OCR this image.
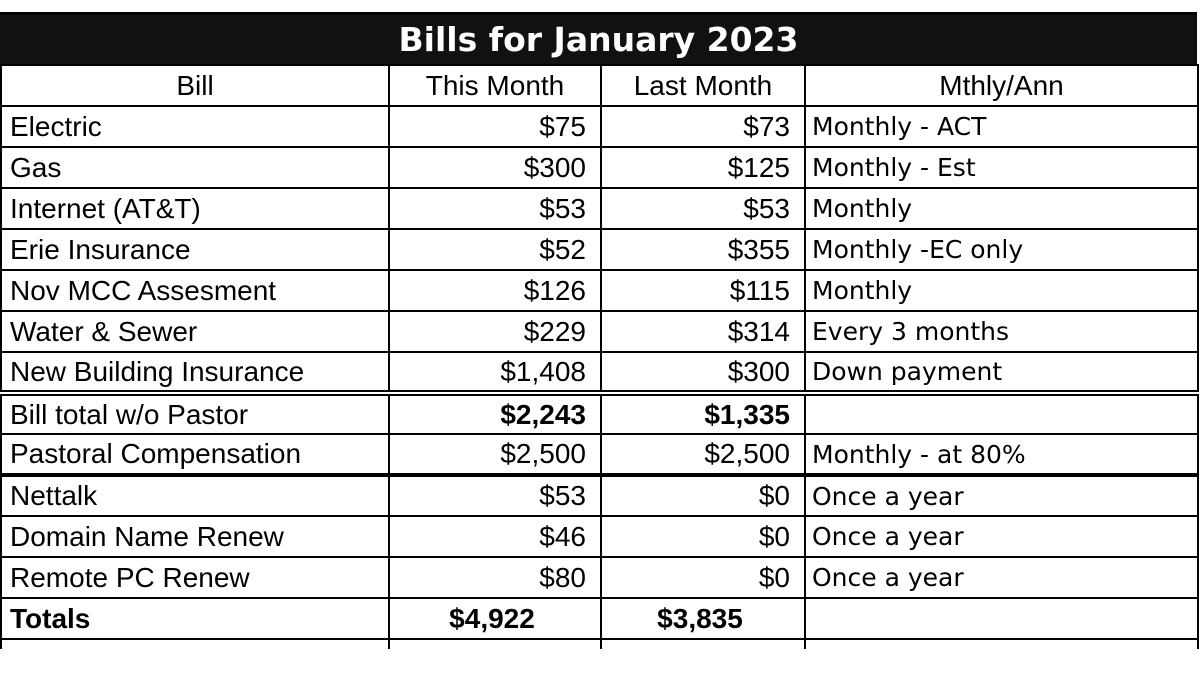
Bills for January 2023
Bill	This Month	Last Month	Mthly/Ann
Electric	$75	$73	Monthly - ACT
Gas	$300	$125	Monthly - Est
Internet (AT&T)	$53	$53	Monthly
Erie Insurance	$52	$355	Monthly -EC only
Nov MCC Assesment	$126	$115	Monthly
Water & Sewer	$229	$314	Every 3 months
New Building Insurance	$1,408	$300	Down payment
Bill total w/o Pastor	$2,243	$1,335	
Pastoral Compensation	$2,500	$2,500	Monthly - at 80%
Nettalk	$53	$0	Once a year
Domain Name Renew	$46	$0	Once a year
Remote PC Renew	$80	$0	Once a year
Totals	$4,922	$3,835	
